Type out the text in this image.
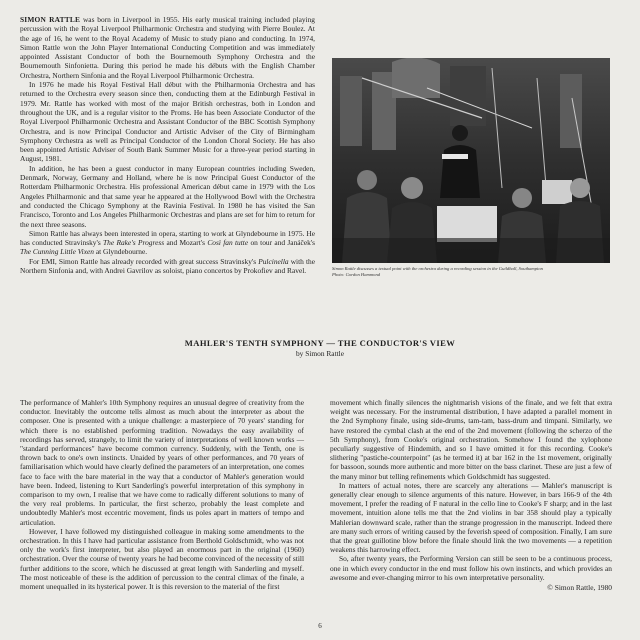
SIMON RATTLE was born in Liverpool in 1955. His early musical training included playing percussion with the Royal Liverpool Philharmonic Orchestra and studying with Pierre Boulez. At the age of 16, he went to the Royal Academy of Music to study piano and conducting. In 1974, Simon Rattle won the John Player International Conducting Competition and was immediately appointed Assistant Conductor of both the Bournemouth Symphony Orchestra and the Bournemouth Sinfonietta. During this period he made his débuts with the English Chamber Orchestra, Northern Sinfonia and the Royal Liverpool Philharmonic Orchestra.

In 1976 he made his Royal Festival Hall début with the Philharmonia Orchestra and has returned to the Orchestra every season since then, conducting them at the Edinburgh Festival in 1979. Mr. Rattle has worked with most of the major British orchestras, both in London and throughout the UK, and is a regular visitor to the Proms. He has been Associate Conductor of the Royal Liverpool Philharmonic Orchestra and Assistant Conductor of the BBC Scottish Symphony Orchestra, and is now Principal Conductor and Artistic Adviser of the City of Birmingham Symphony Orchestra as well as Principal Conductor of the London Choral Society. He has also been appointed Artistic Adviser of South Bank Summer Music for a three-year period starting in August, 1981.

In addition, he has been a guest conductor in many European countries including Sweden, Denmark, Norway, Germany and Holland, where he is now Principal Guest Conductor of the Rotterdam Philharmonic Orchestra. His professional American début came in 1979 with the Los Angeles Philharmonic and that same year he appeared at the Hollywood Bowl with the Orchestra and conducted the Chicago Symphony at the Ravinia Festival. In 1980 he has visited the San Francisco, Toronto and Los Angeles Philharmonic Orchestras and plans are set for him to return for the next three seasons.

Simon Rattle has always been interested in opera, starting to work at Glyndebourne in 1975. He has conducted Stravinsky's The Rake's Progress and Mozart's Così fan tutte on tour and Janáček's The Cunning Little Vixen at Glyndebourne.

For EMI, Simon Rattle has already recorded with great success Stravinsky's Pulcinella with the Northern Sinfonia and, with Andrei Gavrilov as soloist, piano concertos by Prokofiev and Ravel.	Simon Rattle discusses a textual point with the orchestra during a recording session in the Guildhall, Southampton
Photo: Gordon Hammond
MAHLER'S TENTH SYMPHONY — THE CONDUCTOR'S VIEW
by Simon Rattle

The performance of Mahler's 10th Symphony requires an unusual degree of creativity from the conductor. Inevitably the outcome tells almost as much about the interpreter as about the composer. One is presented with a unique challenge: a masterpiece of 70 years' standing for which there is no established performing tradition. Nowadays the easy availability of recordings has served, strangely, to limit the variety of interpretations of well known works — "standard performances" have become common currency. Suddenly, with the Tenth, one is thrown back to one's own instincts. Unaided by years of other performances, and 70 years of familiarisation which would have clearly defined the parameters of an interpretation, one comes face to face with the bare material in the way that a conductor of Mahler's generation would have been. Indeed, listening to Kurt Sanderling's powerful interpretation of this symphony in comparison to my own, I realise that we have come to radically different solutions to many of the very real problems. In particular, the first scherzo, probably the least complete and undoubtedly Mahler's most eccentric movement, finds us poles apart in matters of tempo and articulation.

However, I have followed my distinguished colleague in making some amendments to the orchestration. In this I have had particular assistance from Berthold Goldschmidt, who was not only the work's first interpreter, but also played an enormous part in the original (1960) orchestration. Over the course of twenty years he had become convinced of the necessity of still further additions to the score, which he discussed at great length with Sanderling and myself. The most noticeable of these is the addition of percussion to the central climax of the finale, a moment unequalled in its hysterical power. It is this reversion to the material of the first

movement which finally silences the nightmarish visions of the finale, and we felt that extra weight was necessary. For the instrumental distribution, I have adapted a parallel moment in the 2nd Symphony finale, using side-drums, tam-tam, bass-drum and timpani. Similarly, we have restored the cymbal clash at the end of the 2nd movement (following the scherzo of the 5th Symphony), from Cooke's original orchestration. Somehow I found the xylophone peculiarly suggestive of Hindemith, and so I have omitted it for this recording. Cooke's slithering "pastiche-counterpoint" (as he termed it) at bar 162 in the 1st movement, originally for bassoon, sounds more authentic and more bitter on the bass clarinet. These are just a few of the many minor but telling refinements which Goldschmidt has suggested.

In matters of actual notes, there are scarcely any alterations — Mahler's manuscript is generally clear enough to silence arguments of this nature. However, in bars 166-9 of the 4th movement, I prefer the reading of F natural in the cello line to Cooke's F sharp; and in the last movement, intuition alone tells me that the 2nd violins in bar 358 should play a typically Mahlerian downward scale, rather than the strange progression in the manuscript. Indeed there are many such errors of writing caused by the feverish speed of composition. Finally, I am sure that the great guillotine blow before the finale should link the two movements — a repetition weakens this harrowing effect.

So, after twenty years, the Performing Version can still be seen to be a continuous process, one in which every conductor in the end must follow his own instincts, and which provides an awesome and ever-changing mirror to his own interpretative personality.

© Simon Rattle, 1980
6
